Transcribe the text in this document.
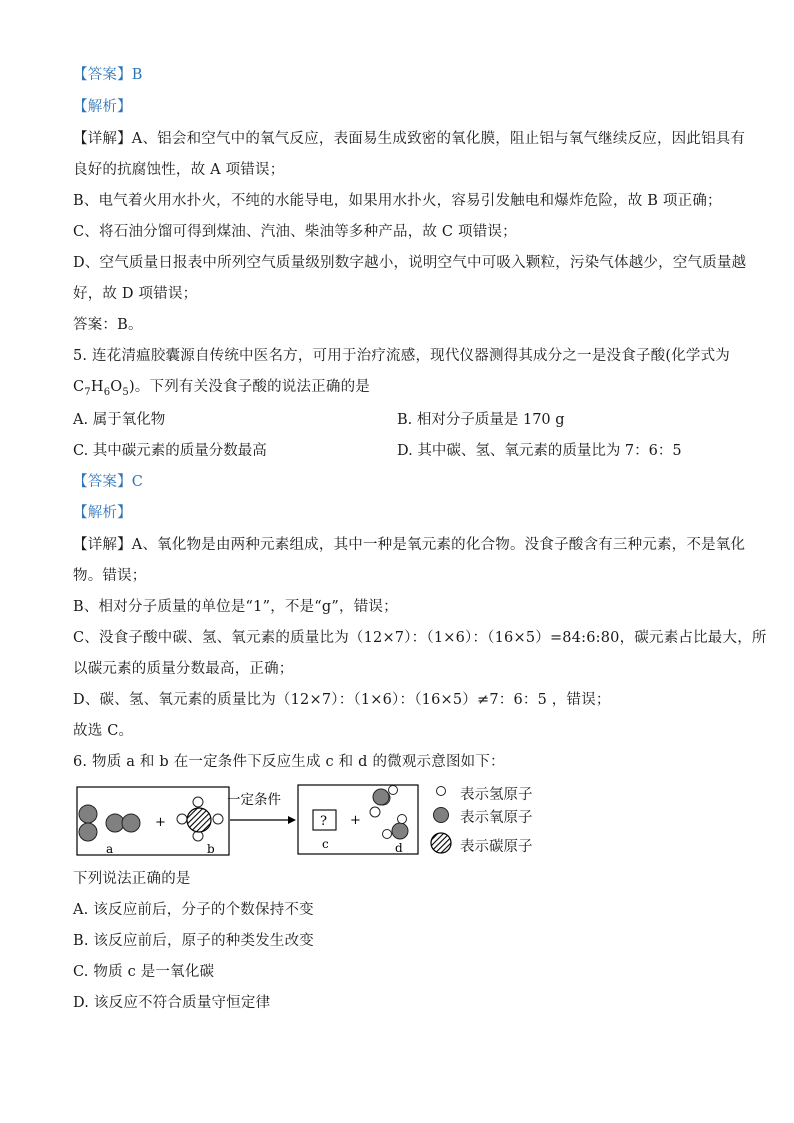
【答案】B
【解析】
【详解】A、铝会和空气中的氧气反应，表面易生成致密的氧化膜，阻止铝与氧气继续反应，因此铝具有
良好的抗腐蚀性，故 A 项错误；
B、电气着火用水扑火，不纯的水能导电，如果用水扑火，容易引发触电和爆炸危险，故 B 项正确；
C、将石油分馏可得到煤油、汽油、柴油等多种产品，故 C 项错误；
D、空气质量日报表中所列空气质量级别数字越小，说明空气中可吸入颗粒，污染气体越少，空气质量越
好，故 D 项错误；
答案：B。
5. 连花清瘟胶囊源自传统中医名方，可用于治疗流感，现代仪器测得其成分之一是没食子酸(化学式为
$C_7H_6O_5$)。下列有关没食子酸的说法正确的是
A. 属于氧化物	B. 相对分子质量是 170 g
C. 其中碳元素的质量分数最高	D. 其中碳、氢、氧元素的质量比为 7：6：5
【答案】C
【解析】
【详解】A、氧化物是由两种元素组成，其中一种是氧元素的化合物。没食子酸含有三种元素，不是氧化
物。错误；
B、相对分子质量的单位是“1”，不是“g”，错误；
C、没食子酸中碳、氢、氧元素的质量比为（12×7）：（1×6）：（16×5）=84:6:80，碳元素占比最大，所
以碳元素的质量分数最高，正确；
D、碳、氢、氧元素的质量比为（12×7）：（1×6）：（16×5）≠7：6：5 ，错误；
故选 C。
6. 物质 a 和 b 在一定条件下反应生成 c 和 d 的微观示意图如下：
a
+
b
一定条件
?
c
+
d
表示氢原子
表示氧原子
表示碳原子
下列说法正确的是
A. 该反应前后，分子的个数保持不变
B. 该反应前后，原子的种类发生改变
C. 物质 c 是一氧化碳
D. 该反应不符合质量守恒定律
